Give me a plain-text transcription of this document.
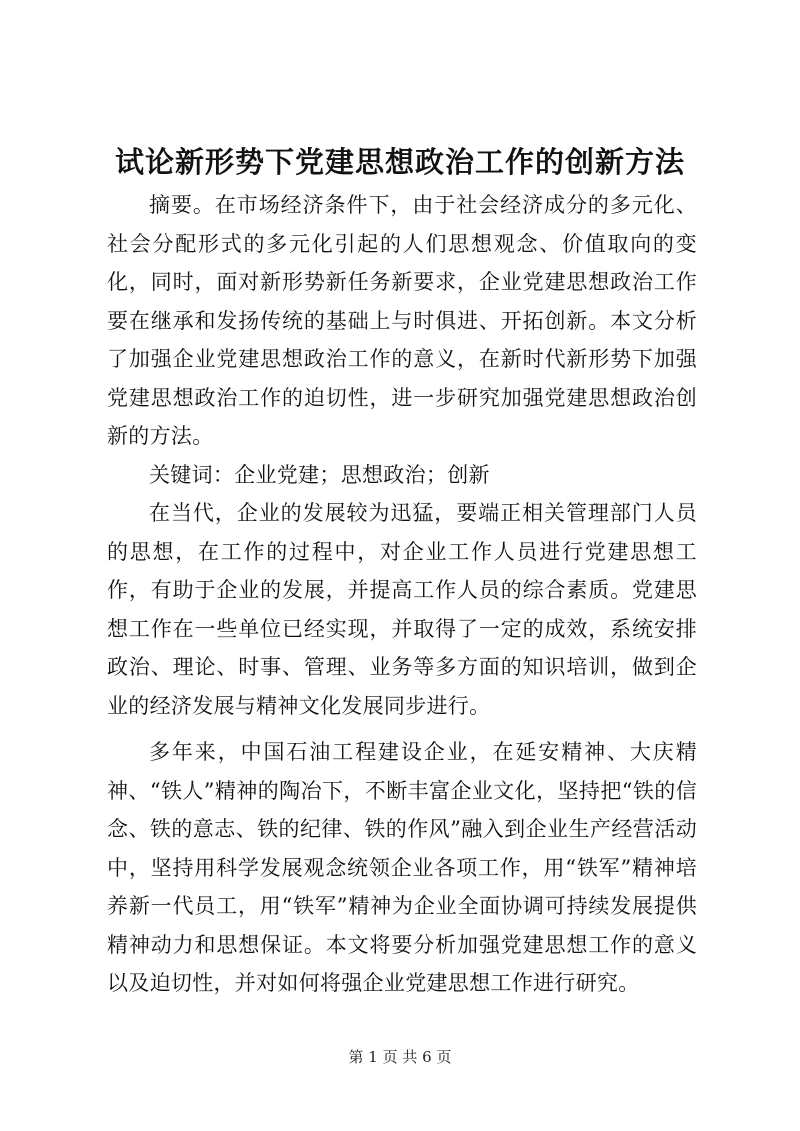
试论新形势下党建思想政治工作的创新方法

摘要。在市场经济条件下，由于社会经济成分的多元化、社会分配形式的多元化引起的人们思想观念、价值取向的变化，同时，面对新形势新任务新要求，企业党建思想政治工作要在继承和发扬传统的基础上与时俱进、开拓创新。本文分析了加强企业党建思想政治工作的意义，在新时代新形势下加强党建思想政治工作的迫切性，进一步研究加强党建思想政治创新的方法。

关键词：企业党建；思想政治；创新

在当代，企业的发展较为迅猛，要端正相关管理部门人员的思想，在工作的过程中，对企业工作人员进行党建思想工作，有助于企业的发展，并提高工作人员的综合素质。党建思想工作在一些单位已经实现，并取得了一定的成效，系统安排政治、理论、时事、管理、业务等多方面的知识培训，做到企业的经济发展与精神文化发展同步进行。

多年来，中国石油工程建设企业，在延安精神、大庆精神、“铁人”精神的陶冶下，不断丰富企业文化，坚持把“铁的信念、铁的意志、铁的纪律、铁的作风”融入到企业生产经营活动中，坚持用科学发展观念统领企业各项工作，用“铁军”精神培养新一代员工，用“铁军”精神为企业全面协调可持续发展提供精神动力和思想保证。本文将要分析加强党建思想工作的意义以及迫切性，并对如何将强企业党建思想工作进行研究。

第 1 页 共 6 页
